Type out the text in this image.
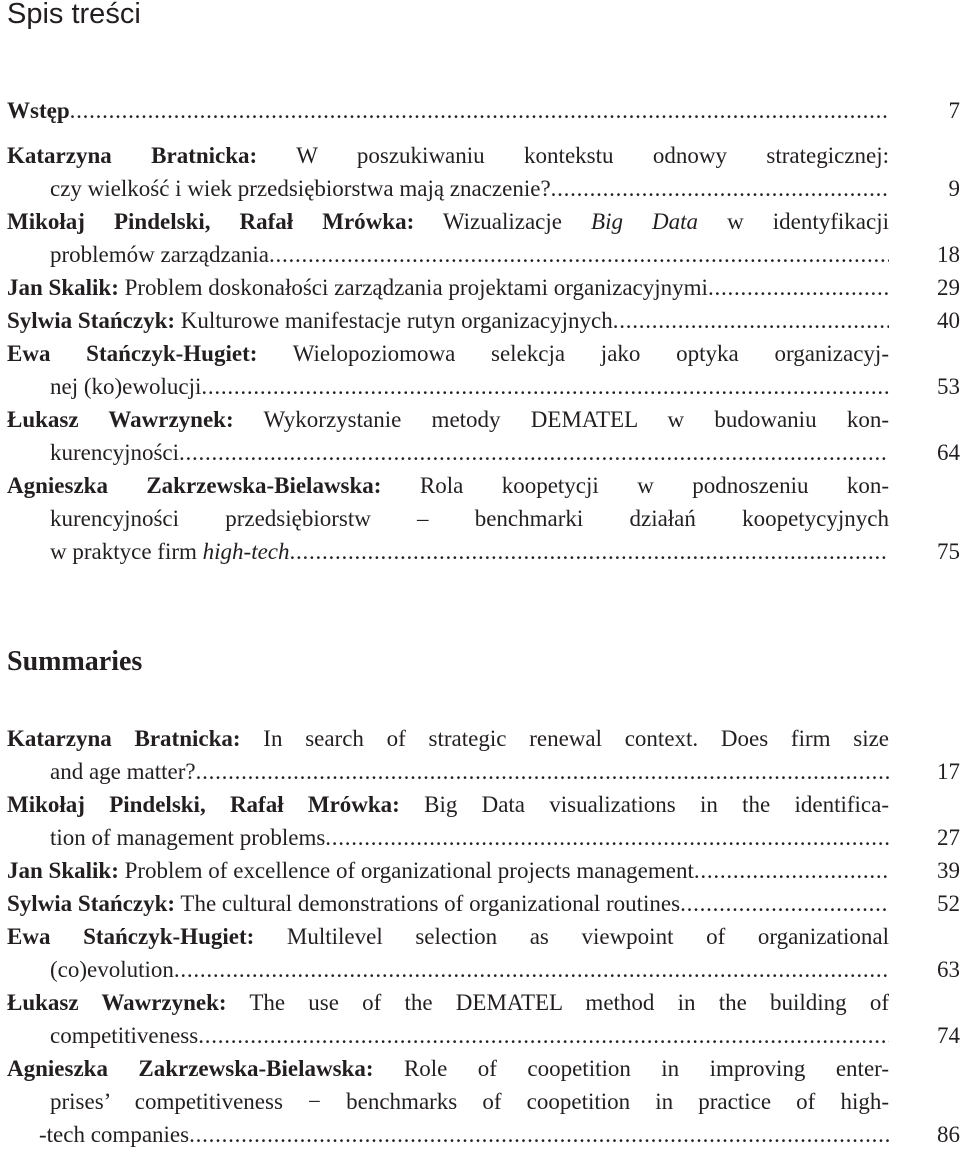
Spis treści
Wstęp . . .	7
Katarzyna Bratnicka: W poszukiwaniu kontekstu odnowy strategicznej:
czy wielkość i wiek przedsiębiorstwa mają znaczenie? . . .	9
Mikołaj Pindelski, Rafał Mrówka: Wizualizacje Big Data w identyfikacji
problemów zarządzania . . .	18
Jan Skalik: Problem doskonałości zarządzania projektami organizacyjnymi . . .	29
Sylwia Stańczyk: Kulturowe manifestacje rutyn organizacyjnych . . .	40
Ewa Stańczyk-Hugiet: Wielopoziomowa selekcja jako optyka organizacyj-
nej (ko)ewolucji . . .	53
Łukasz Wawrzynek: Wykorzystanie metody DEMATEL w budowaniu kon-
kurencyjności . . .	64
Agnieszka Zakrzewska-Bielawska: Rola koopetycji w podnoszeniu kon-
kurencyjności przedsiębiorstw – benchmarki działań koopetycyjnych
w praktyce firm high-tech . . .	75
Summaries
Katarzyna Bratnicka: In search of strategic renewal context. Does firm size
and age matter? . . .	17
Mikołaj Pindelski, Rafał Mrówka: Big Data visualizations in the identifica-
tion of management problems . . .	27
Jan Skalik: Problem of excellence of organizational projects management . . .	39
Sylwia Stańczyk: The cultural demonstrations of organizational routines . . .	52
Ewa Stańczyk-Hugiet: Multilevel selection as viewpoint of organizational
(co)evolution . . .	63
Łukasz Wawrzynek: The use of the DEMATEL method in the building of
competitiveness . . .	74
Agnieszka Zakrzewska-Bielawska: Role of coopetition in improving enter-
prises’ competitiveness − benchmarks of coopetition in practice of high-
-tech companies . . .	86
